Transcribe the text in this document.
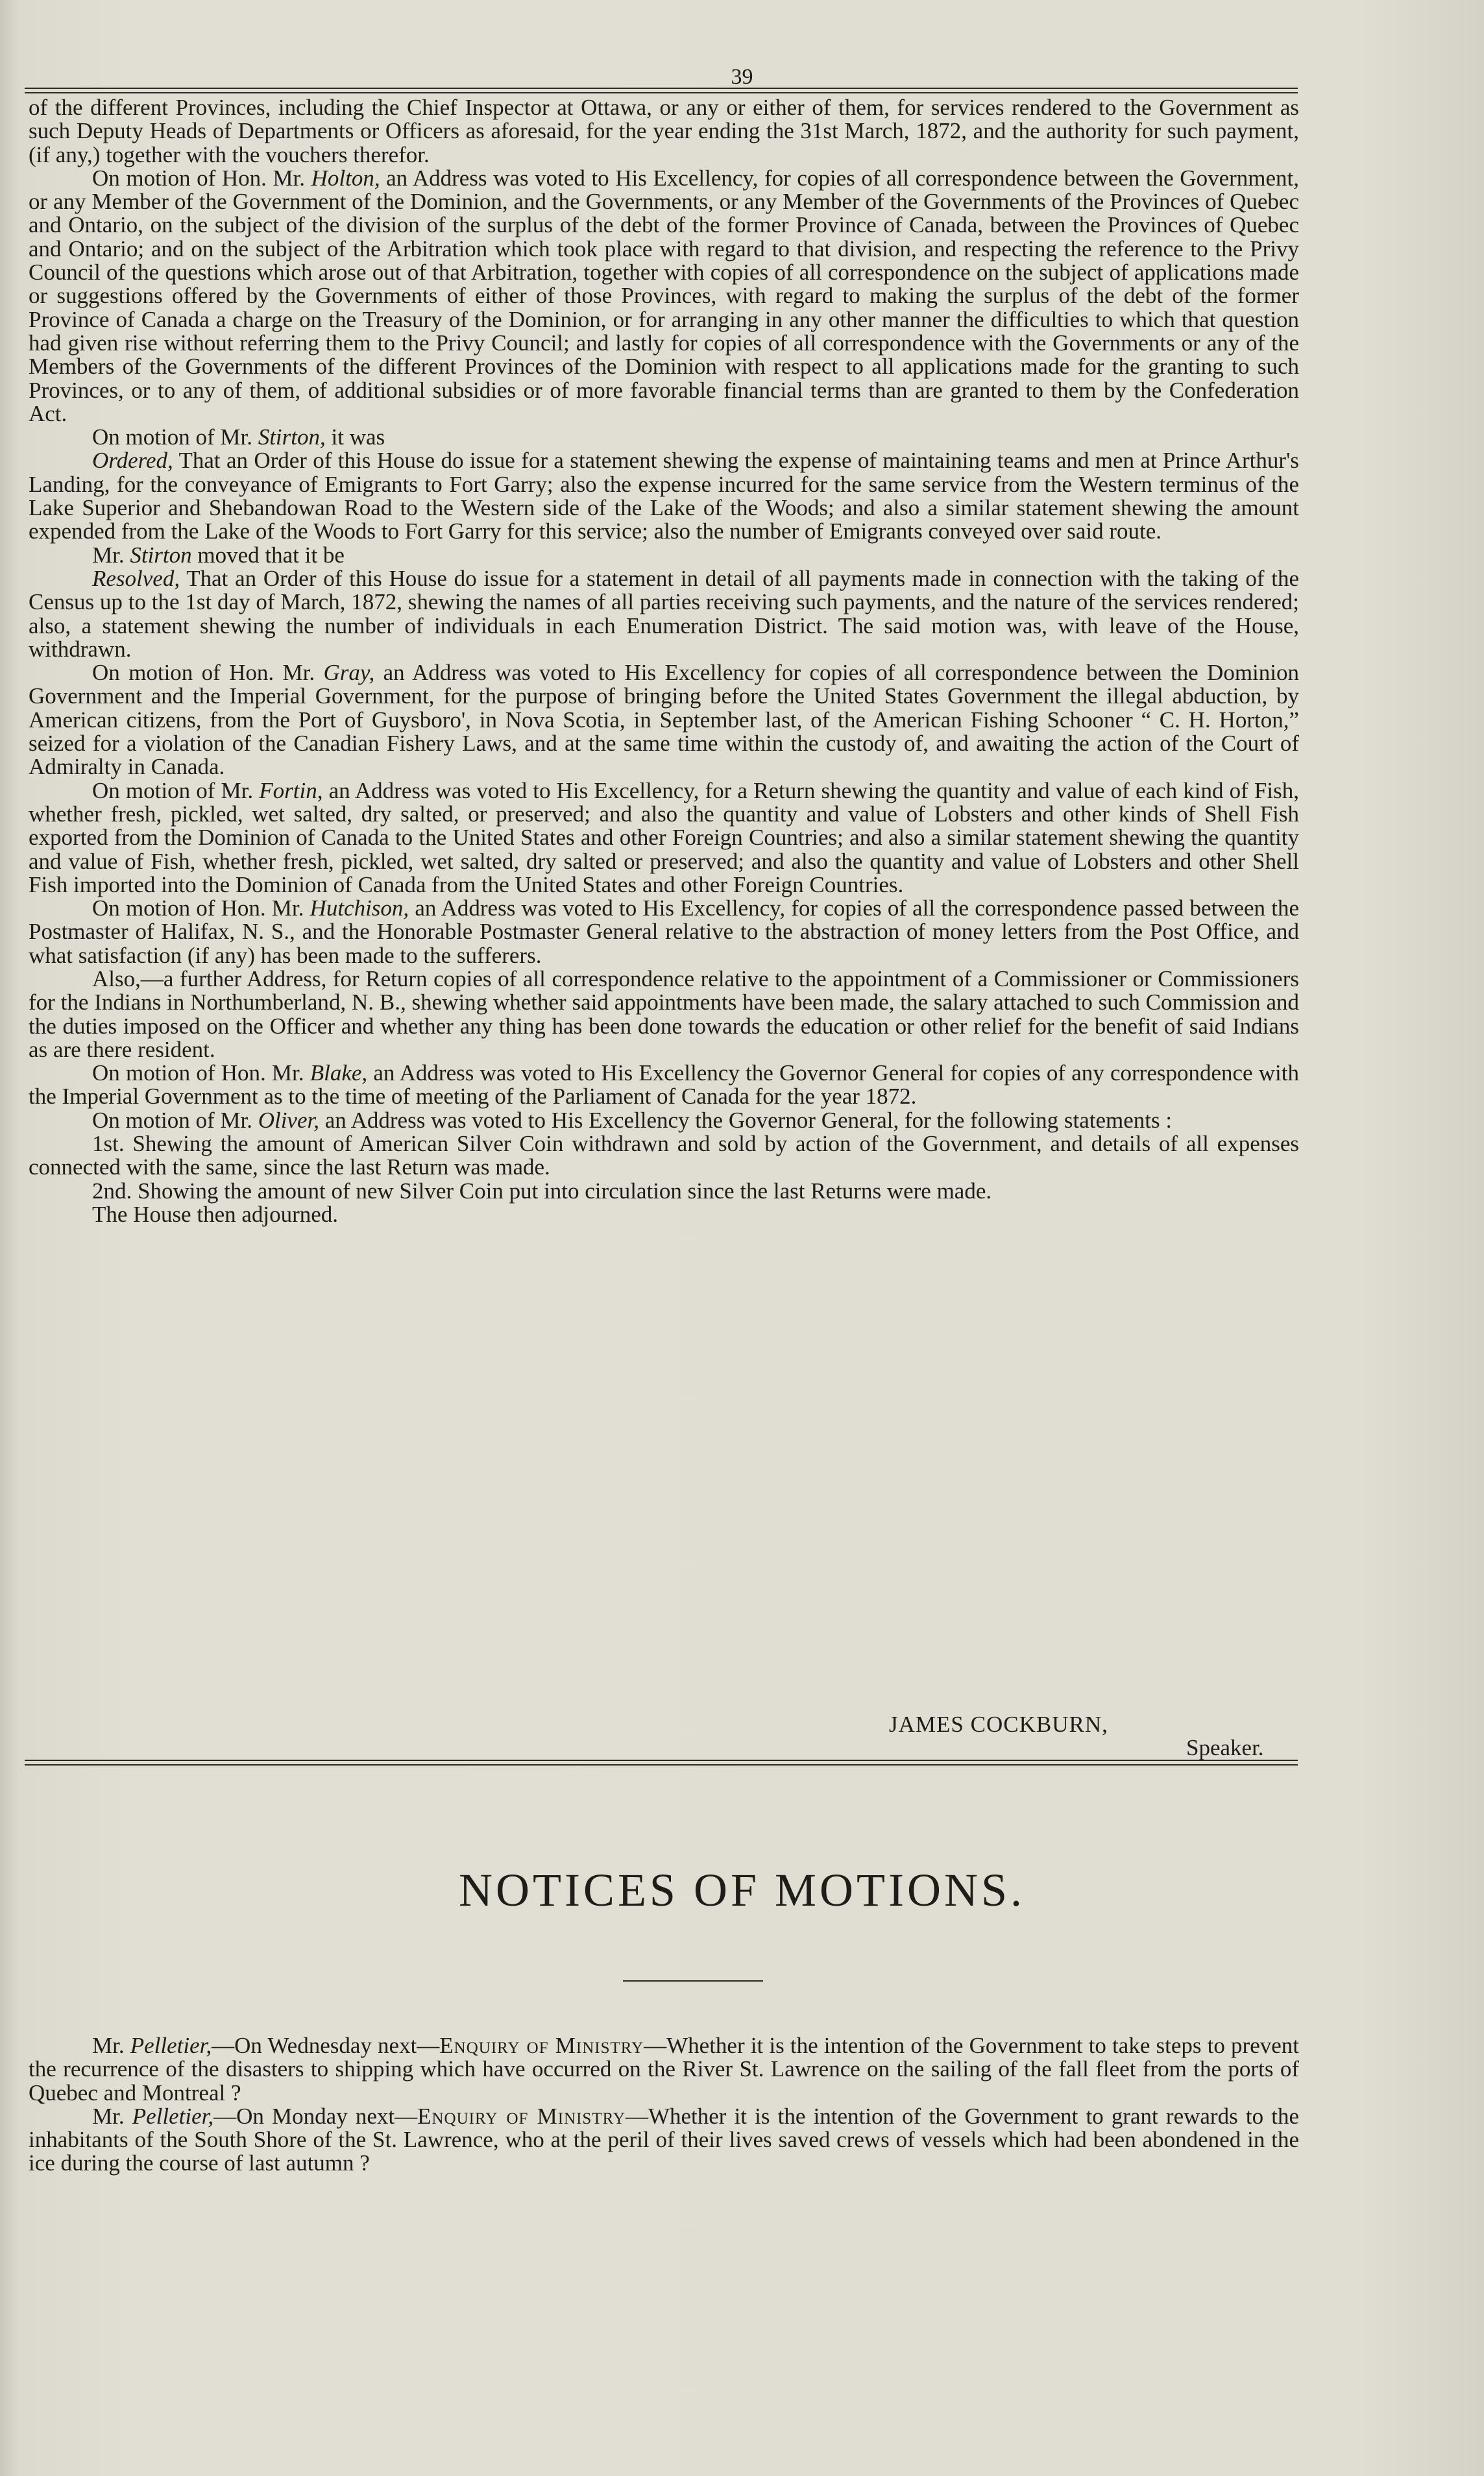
39

of the different Provinces, including the Chief Inspector at Ottawa, or any or either of them, for services rendered to the Government as such Deputy Heads of Departments or Officers as aforesaid, for the year ending the 31st March, 1872, and the authority for such payment, (if any,) together with the vouchers therefor.

On motion of Hon. Mr. Holton, an Address was voted to His Excellency, for copies of all correspondence between the Government, or any Member of the Government of the Dominion, and the Governments, or any Member of the Governments of the Provinces of Quebec and Ontario, on the subject of the division of the surplus of the debt of the former Province of Canada, between the Provinces of Quebec and Ontario; and on the subject of the Arbitration which took place with regard to that division, and respecting the reference to the Privy Council of the questions which arose out of that Arbitration, together with copies of all correspondence on the subject of applications made or suggestions offered by the Governments of either of those Provinces, with regard to making the surplus of the debt of the former Province of Canada a charge on the Treasury of the Dominion, or for arranging in any other manner the difficulties to which that question had given rise without referring them to the Privy Council; and lastly for copies of all correspondence with the Governments or any of the Members of the Governments of the different Provinces of the Dominion with respect to all applications made for the granting to such Provinces, or to any of them, of additional subsidies or of more favorable financial terms than are granted to them by the Confederation Act.

On motion of Mr. Stirton, it was

Ordered, That an Order of this House do issue for a statement shewing the expense of maintaining teams and men at Prince Arthur's Landing, for the conveyance of Emigrants to Fort Garry; also the expense incurred for the same service from the Western terminus of the Lake Superior and Shebandowan Road to the Western side of the Lake of the Woods; and also a similar statement shewing the amount expended from the Lake of the Woods to Fort Garry for this service; also the number of Emigrants conveyed over said route.

Mr. Stirton moved that it be

Resolved, That an Order of this House do issue for a statement in detail of all payments made in connection with the taking of the Census up to the 1st day of March, 1872, shewing the names of all parties receiving such payments, and the nature of the services rendered; also, a statement shewing the number of individuals in each Enumeration District. The said motion was, with leave of the House, withdrawn.

On motion of Hon. Mr. Gray, an Address was voted to His Excellency for copies of all correspondence between the Dominion Government and the Imperial Government, for the purpose of bringing before the United States Government the illegal abduction, by American citizens, from the Port of Guysboro', in Nova Scotia, in September last, of the American Fishing Schooner “ C. H. Horton,” seized for a violation of the Canadian Fishery Laws, and at the same time within the custody of, and awaiting the action of the Court of Admiralty in Canada.

On motion of Mr. Fortin, an Address was voted to His Excellency, for a Return shewing the quantity and value of each kind of Fish, whether fresh, pickled, wet salted, dry salted, or preserved; and also the quantity and value of Lobsters and other kinds of Shell Fish exported from the Dominion of Canada to the United States and other Foreign Countries; and also a similar statement shewing the quantity and value of Fish, whether fresh, pickled, wet salted, dry salted or preserved; and also the quantity and value of Lobsters and other Shell Fish imported into the Dominion of Canada from the United States and other Foreign Countries.

On motion of Hon. Mr. Hutchison, an Address was voted to His Excellency, for copies of all the correspondence passed between the Postmaster of Halifax, N. S., and the Honorable Postmaster General relative to the abstraction of money letters from the Post Office, and what satisfaction (if any) has been made to the sufferers.

Also,—a further Address, for Return copies of all correspondence relative to the appointment of a Commissioner or Commissioners for the Indians in Northumberland, N. B., shewing whether said appointments have been made, the salary attached to such Commission and the duties imposed on the Officer and whether any thing has been done towards the education or other relief for the benefit of said Indians as are there resident.

On motion of Hon. Mr. Blake, an Address was voted to His Excellency the Governor General for copies of any correspondence with the Imperial Government as to the time of meeting of the Parliament of Canada for the year 1872.

On motion of Mr. Oliver, an Address was voted to His Excellency the Governor General, for the following statements :

1st. Shewing the amount of American Silver Coin withdrawn and sold by action of the Government, and details of all expenses connected with the same, since the last Return was made.

2nd. Showing the amount of new Silver Coin put into circulation since the last Returns were made.

The House then adjourned.

JAMES COCKBURN,
Speaker.
NOTICES OF MOTIONS.

Mr. Pelletier,—On Wednesday next—Enquiry of Ministry—Whether it is the intention of the Government to take steps to prevent the recurrence of the disasters to shipping which have occurred on the River St. Lawrence on the sailing of the fall fleet from the ports of Quebec and Montreal ?

Mr. Pelletier,—On Monday next—Enquiry of Ministry—Whether it is the intention of the Government to grant rewards to the inhabitants of the South Shore of the St. Lawrence, who at the peril of their lives saved crews of vessels which had been abondened in the ice during the course of last autumn ?
